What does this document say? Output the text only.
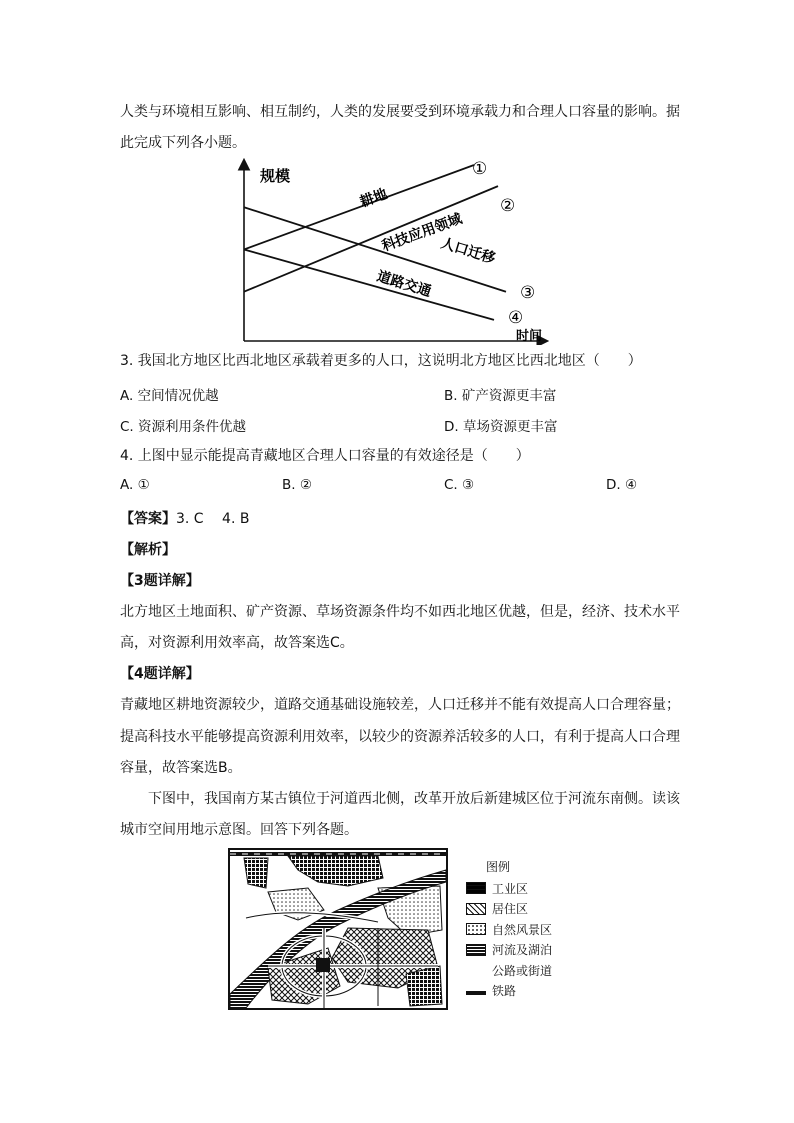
人类与环境相互影响、相互制约，人类的发展要受到环境承载力和合理人口容量的影响。据
此完成下列各小题。
规模
时间
耕地
科技应用领域
人口迁移
道路交通
①
②
③
④
3. 我国北方地区比西北地区承载着更多的人口，这说明北方地区比西北地区（　　）
A. 空间情况优越	B. 矿产资源更丰富
C. 资源利用条件优越	D. 草场资源更丰富
4. 上图中显示能提高青藏地区合理人口容量的有效途径是（　　）
A. ①	B. ②	C. ③	D. ④
【答案】3. C　 4. B
【解析】
【3题详解】
北方地区土地面积、矿产资源、草场资源条件均不如西北地区优越，但是，经济、技术水平
高，对资源利用效率高，故答案选C。
【4题详解】
青藏地区耕地资源较少，道路交通基础设施较差，人口迁移并不能有效提高人口合理容量；
提高科技水平能够提高资源利用效率，以较少的资源养活较多的人口，有利于提高人口合理
容量，故答案选B。
下图中，我国南方某古镇位于河道西北侧，改革开放后新建城区位于河流东南侧。读该
城市空间用地示意图。回答下列各题。
图例
工业区
居住区
自然风景区
河流及湖泊
公路或街道
铁路
